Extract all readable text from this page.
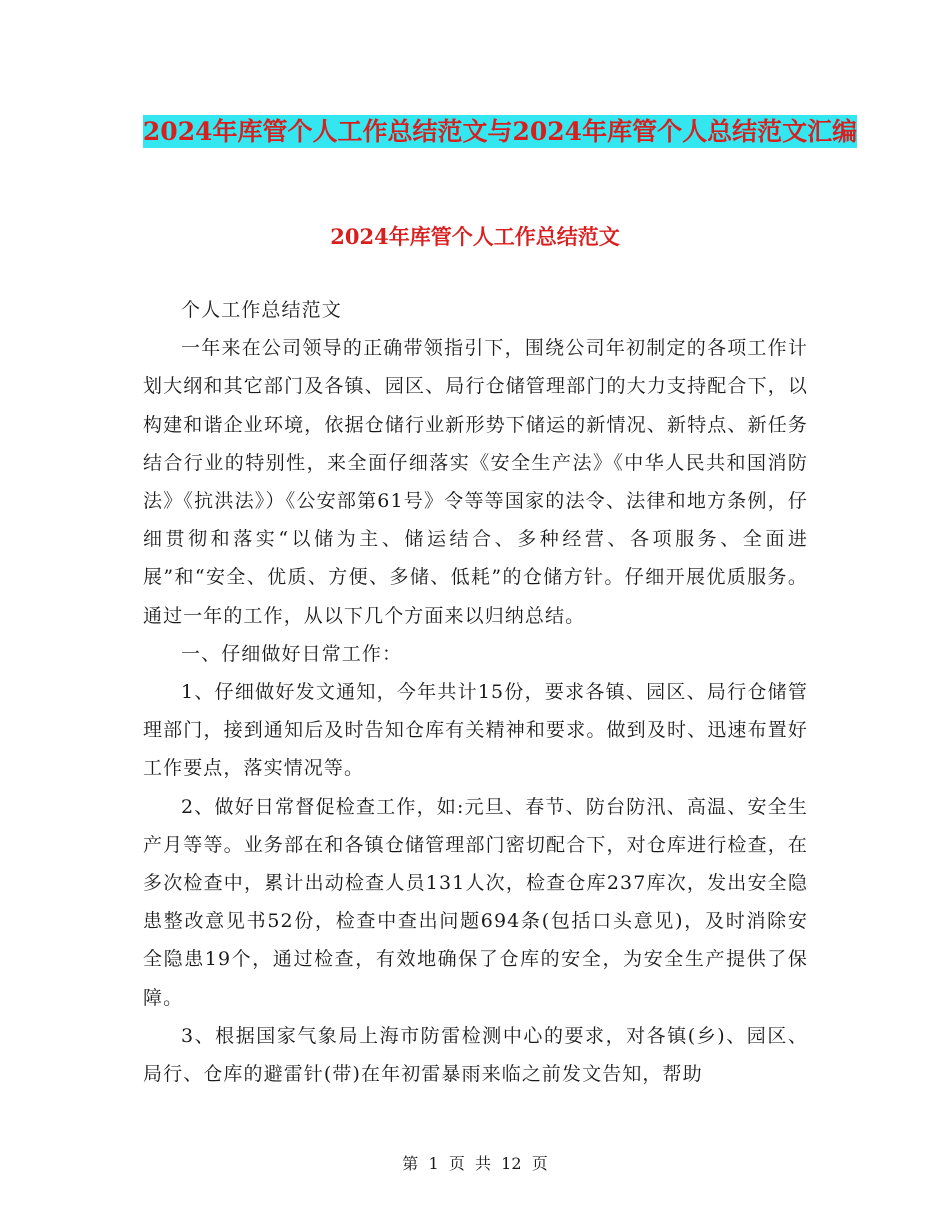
2024年库管个人工作总结范文与2024年库管个人总结范文汇编
2024年库管个人工作总结范文

个人工作总结范文

一年来在公司领导的正确带领指引下，围绕公司年初制定的各项工作计划大纲和其它部门及各镇、园区、局行仓储管理部门的大力支持配合下，以构建和谐企业环境，依据仓储行业新形势下储运的新情况、新特点、新任务结合行业的特别性，来全面仔细落实《安全生产法》《中华人民共和国消防法》《抗洪法》）《公安部第61号》令等等国家的法令、法律和地方条例，仔细贯彻和落实“以储为主、储运结合、多种经营、各项服务、全面进展”和“安全、优质、方便、多储、低耗”的仓储方针。仔细开展优质服务。通过一年的工作，从以下几个方面来以归纳总结。

一、仔细做好日常工作：

1、仔细做好发文通知，今年共计15份，要求各镇、园区、局行仓储管理部门，接到通知后及时告知仓库有关精神和要求。做到及时、迅速布置好工作要点，落实情况等。

2、做好日常督促检查工作，如:元旦、春节、防台防汛、高温、安全生产月等等。业务部在和各镇仓储管理部门密切配合下，对仓库进行检查，在多次检查中，累计出动检查人员131人次，检查仓库237库次，发出安全隐患整改意见书52份，检查中查出问题694条(包括口头意见)，及时消除安全隐患19个，通过检查，有效地确保了仓库的安全，为安全生产提供了保障。

3、根据国家气象局上海市防雷检测中心的要求，对各镇(乡)、园区、局行、仓库的避雷针(带)在年初雷暴雨来临之前发文告知，帮助

第  1  页  共  12  页
